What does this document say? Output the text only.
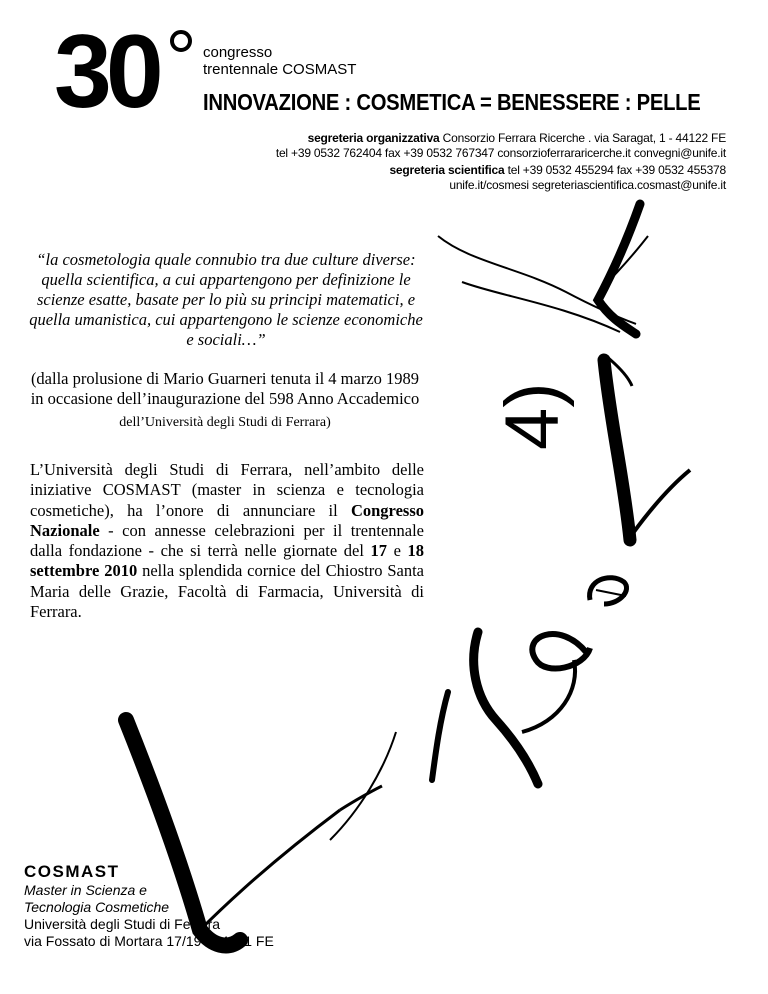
30	congresso
trentennale COSMAST
INNOVAZIONE : COSMETICA = BENESSERE : PELLE
segreteria organizzativa Consorzio Ferrara Ricerche . via Saragat, 1 - 44122 FE
tel +39 0532 762404 fax +39 0532 767347 consorzioferrararicerche.it convegni@unife.it
segreteria scientifica tel +39 0532 455294 fax +39 0532 455378
unife.it/cosmesi segreteriascientifica.cosmast@unife.it
“la cosmetologia quale connubio tra due culture diverse: quella scientifica, a cui appartengono per definizione le scienze esatte, basate per lo più su principi matematici, e quella umanistica, cui appartengono le scienze economiche e sociali…”
(dalla prolusione di Mario Guarneri tenuta il 4 marzo 1989 in occasione dell’inaugurazione del 598 Anno Accademico dell’Università degli Studi di Ferrara)
L’Università degli Studi di Ferrara, nell’ambito delle iniziative COSMAST (master in scienza e tecnologia cosmetiche), ha l’onore di annunciare il Congresso Nazionale - con annesse celebrazioni per il trentennale dalla fondazione - che si terrà nelle giornate del 17 e 18 settembre 2010 nella splendida cornice del Chiostro Santa Maria delle Grazie, Facoltà di Farmacia, Università di Ferrara.
4)
COSMAST
Master in Scienza e
Tecnologia Cosmetiche
Università degli Studi di Ferrara
via Fossato di Mortara 17/19 . 44121 FE
